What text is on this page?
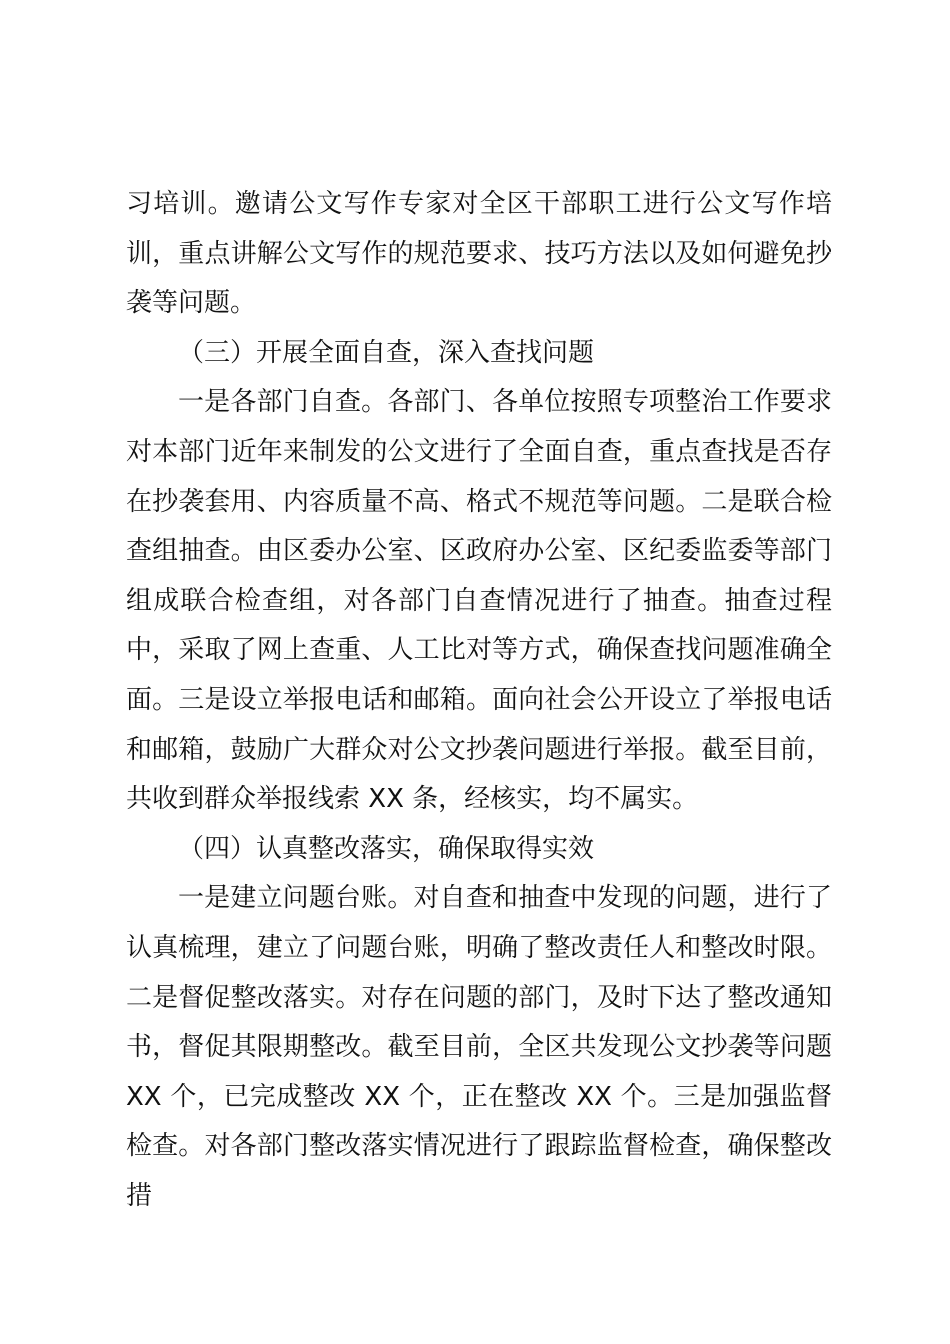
习培训。邀请公文写作专家对全区干部职工进行公文写作培训，重点讲解公文写作的规范要求、技巧方法以及如何避免抄袭等问题。

（三）开展全面自查，深入查找问题

一是各部门自查。各部门、各单位按照专项整治工作要求对本部门近年来制发的公文进行了全面自查，重点查找是否存在抄袭套用、内容质量不高、格式不规范等问题。二是联合检查组抽查。由区委办公室、区政府办公室、区纪委监委等部门组成联合检查组，对各部门自查情况进行了抽查。抽查过程中，采取了网上查重、人工比对等方式，确保查找问题准确全面。三是设立举报电话和邮箱。面向社会公开设立了举报电话和邮箱，鼓励广大群众对公文抄袭问题进行举报。截至目前，共收到群众举报线索 XX 条，经核实，均不属实。

（四）认真整改落实，确保取得实效

一是建立问题台账。对自查和抽查中发现的问题，进行了认真梳理，建立了问题台账，明确了整改责任人和整改时限。二是督促整改落实。对存在问题的部门，及时下达了整改通知书，督促其限期整改。截至目前，全区共发现公文抄袭等问题 XX 个，已完成整改 XX 个，正在整改 XX 个。三是加强监督检查。对各部门整改落实情况进行了跟踪监督检查，确保整改措
